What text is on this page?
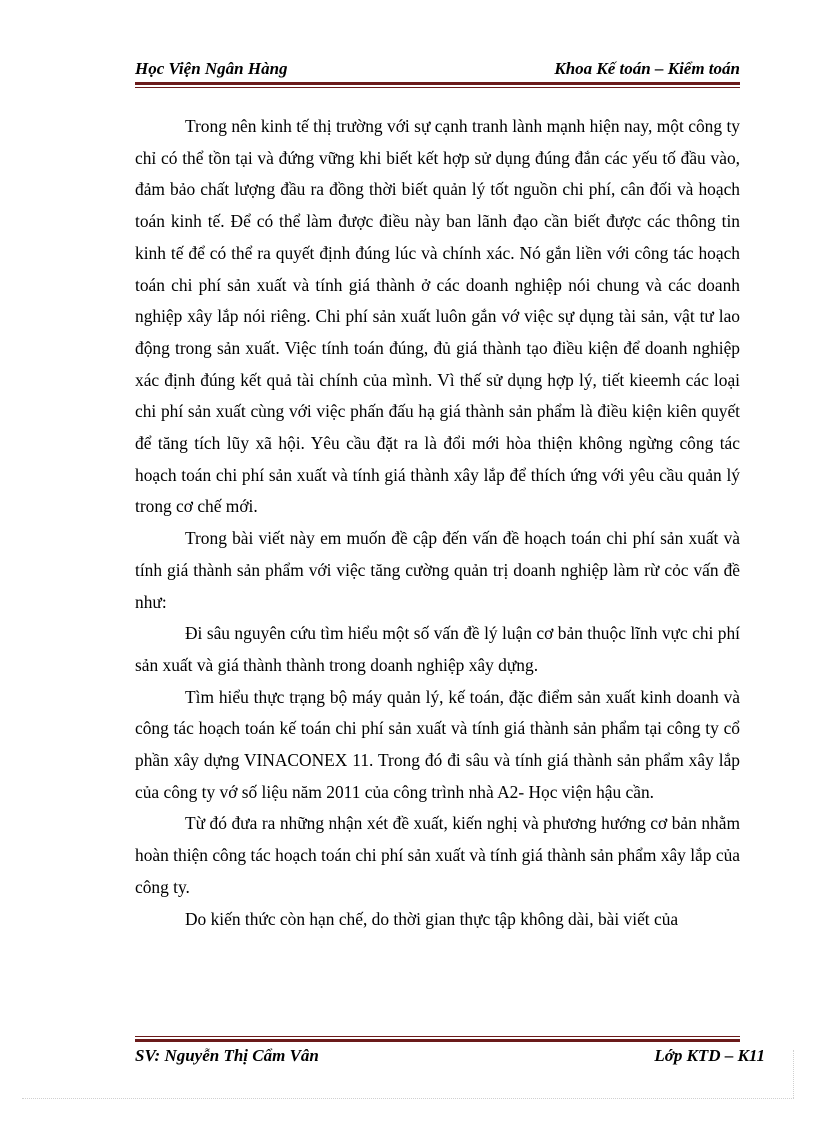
Học Viện Ngân Hàng	Khoa Kế toán – Kiểm toán

Trong nên kinh tế thị trường với sự cạnh tranh lành mạnh hiện nay, một công ty chỉ có thể tồn tại và đứng vững khi biết kết hợp sử dụng đúng đắn các yếu tố đầu vào, đảm bảo chất lượng đầu ra đồng thời biết quản lý tốt nguồn chi phí, cân đối và hoạch toán kinh tế. Để có thể làm được điều này ban lãnh đạo cần biết được các thông tin kinh tế để có thể ra quyết định đúng lúc và chính xác. Nó gắn liền với công tác hoạch toán chi phí sản xuất và tính giá thành ở các doanh nghiệp nói chung và các doanh nghiệp xây lắp nói riêng. Chi phí sản xuất luôn gắn vớ việc sự dụng tài sản, vật tư lao động trong sản xuất. Việc tính toán đúng, đủ giá thành tạo điều kiện để doanh nghiệp xác định đúng kết quả tài chính của mình. Vì thế sử dụng hợp lý, tiết kieemh các loại chi phí sản xuất cùng với việc phấn đấu hạ giá thành sản phẩm là điều kiện kiên quyết để tăng tích lũy xã hội. Yêu cầu đặt ra là đổi mới hòa thiện không ngừng công tác hoạch toán chi phí sản xuất và tính giá thành xây lắp để thích ứng với yêu cầu quản lý trong cơ chế mới.

Trong bài viết này em muốn đề cập đến vấn đề hoạch toán chi phí sản xuất và tính giá thành sản phẩm với việc tăng cường quản trị doanh nghiệp làm rừ cỏc vấn đề như:

Đi sâu nguyên cứu tìm hiểu một số vấn đề lý luận cơ bản thuộc lĩnh vực chi phí sản xuất và giá thành thành trong doanh nghiệp xây dựng.

Tìm hiểu thực trạng bộ máy quản lý, kế toán, đặc điểm sản xuất kinh doanh và công tác hoạch toán kế toán chi phí sản xuất và tính giá thành sản phẩm tại công ty cổ phần xây dựng VINACONEX 11. Trong đó đi sâu và tính giá thành sản phẩm xây lắp của công ty vớ số liệu năm 2011 của công trình nhà A2- Học viện hậu cần.

Từ đó đưa ra những nhận xét đề xuất, kiến nghị và phương hướng cơ bản nhằm hoàn thiện công tác hoạch toán chi phí sản xuất và tính giá thành sản phẩm xây lắp của công ty.

Do kiến thức còn hạn chế, do thời gian thực tập không dài, bài viết của

SV: Nguyễn Thị Cẩm Vân	Lớp KTD – K11
